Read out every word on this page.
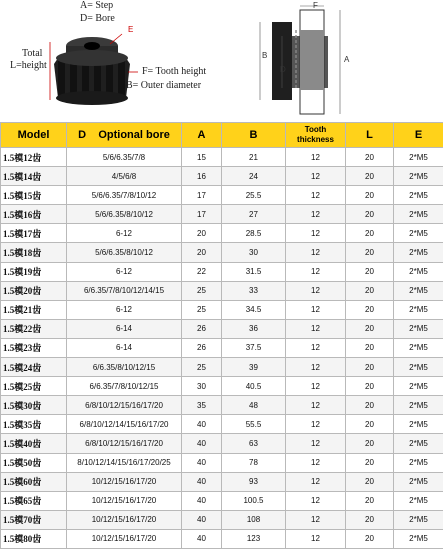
A= Step
D= Bore
E
Total
L=height
F= Tooth height
B= Outer diameter
F
B
D
A
Model	D Optional bore	A	B	Tooth thickness	L	E
1.5模12齿	5/6/6.35/7/8	15	21	12	20	2*M5
1.5模14齿	4/5/6/8	16	24	12	20	2*M5
1.5模15齿	5/6/6.35/7/8/10/12	17	25.5	12	20	2*M5
1.5模16齿	5/6/6.35/8/10/12	17	27	12	20	2*M5
1.5模17齿	6-12	20	28.5	12	20	2*M5
1.5模18齿	5/6/6.35/8/10/12	20	30	12	20	2*M5
1.5模19齿	6-12	22	31.5	12	20	2*M5
1.5模20齿	6/6.35/7/8/10/12/14/15	25	33	12	20	2*M5
1.5模21齿	6-12	25	34.5	12	20	2*M5
1.5模22齿	6-14	26	36	12	20	2*M5
1.5模23齿	6-14	26	37.5	12	20	2*M5
1.5模24齿	6/6.35/8/10/12/15	25	39	12	20	2*M5
1.5模25齿	6/6.35/7/8/10/12/15	30	40.5	12	20	2*M5
1.5模30齿	6/8/10/12/15/16/17/20	35	48	12	20	2*M5
1.5模35齿	6/8/10/12/14/15/16/17/20	40	55.5	12	20	2*M5
1.5模40齿	6/8/10/12/15/16/17/20	40	63	12	20	2*M5
1.5模50齿	8/10/12/14/15/16/17/20/25	40	78	12	20	2*M5
1.5模60齿	10/12/15/16/17/20	40	93	12	20	2*M5
1.5模65齿	10/12/15/16/17/20	40	100.5	12	20	2*M5
1.5模70齿	10/12/15/16/17/20	40	108	12	20	2*M5
1.5模80齿	10/12/15/16/17/20	40	123	12	20	2*M5
